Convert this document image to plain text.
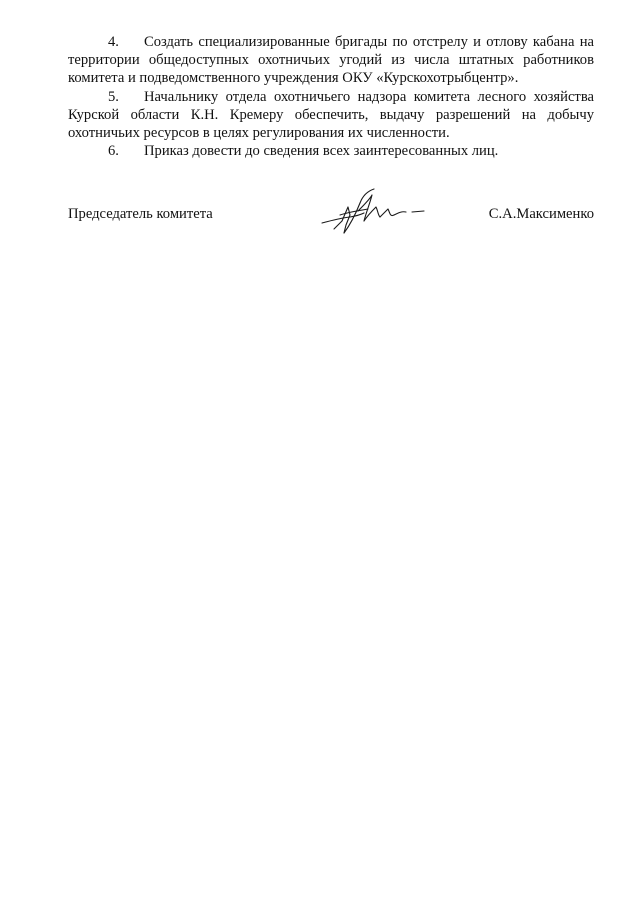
4. Создать специализированные бригады по отстрелу и отлову кабана на территории общедоступных охотничьих угодий из числа штатных работников комитета и подведомственного учреждения ОКУ «Курскохотрыбцентр».

5. Начальнику отдела охотничьего надзора комитета лесного хозяйства Курской области К.Н. Кремеру обеспечить, выдачу разрешений на добычу охотничьих ресурсов в целях регулирования их численности.

6. Приказ довести до сведения всех заинтересованных лиц.

Председатель комитета	С.А.Максименко
